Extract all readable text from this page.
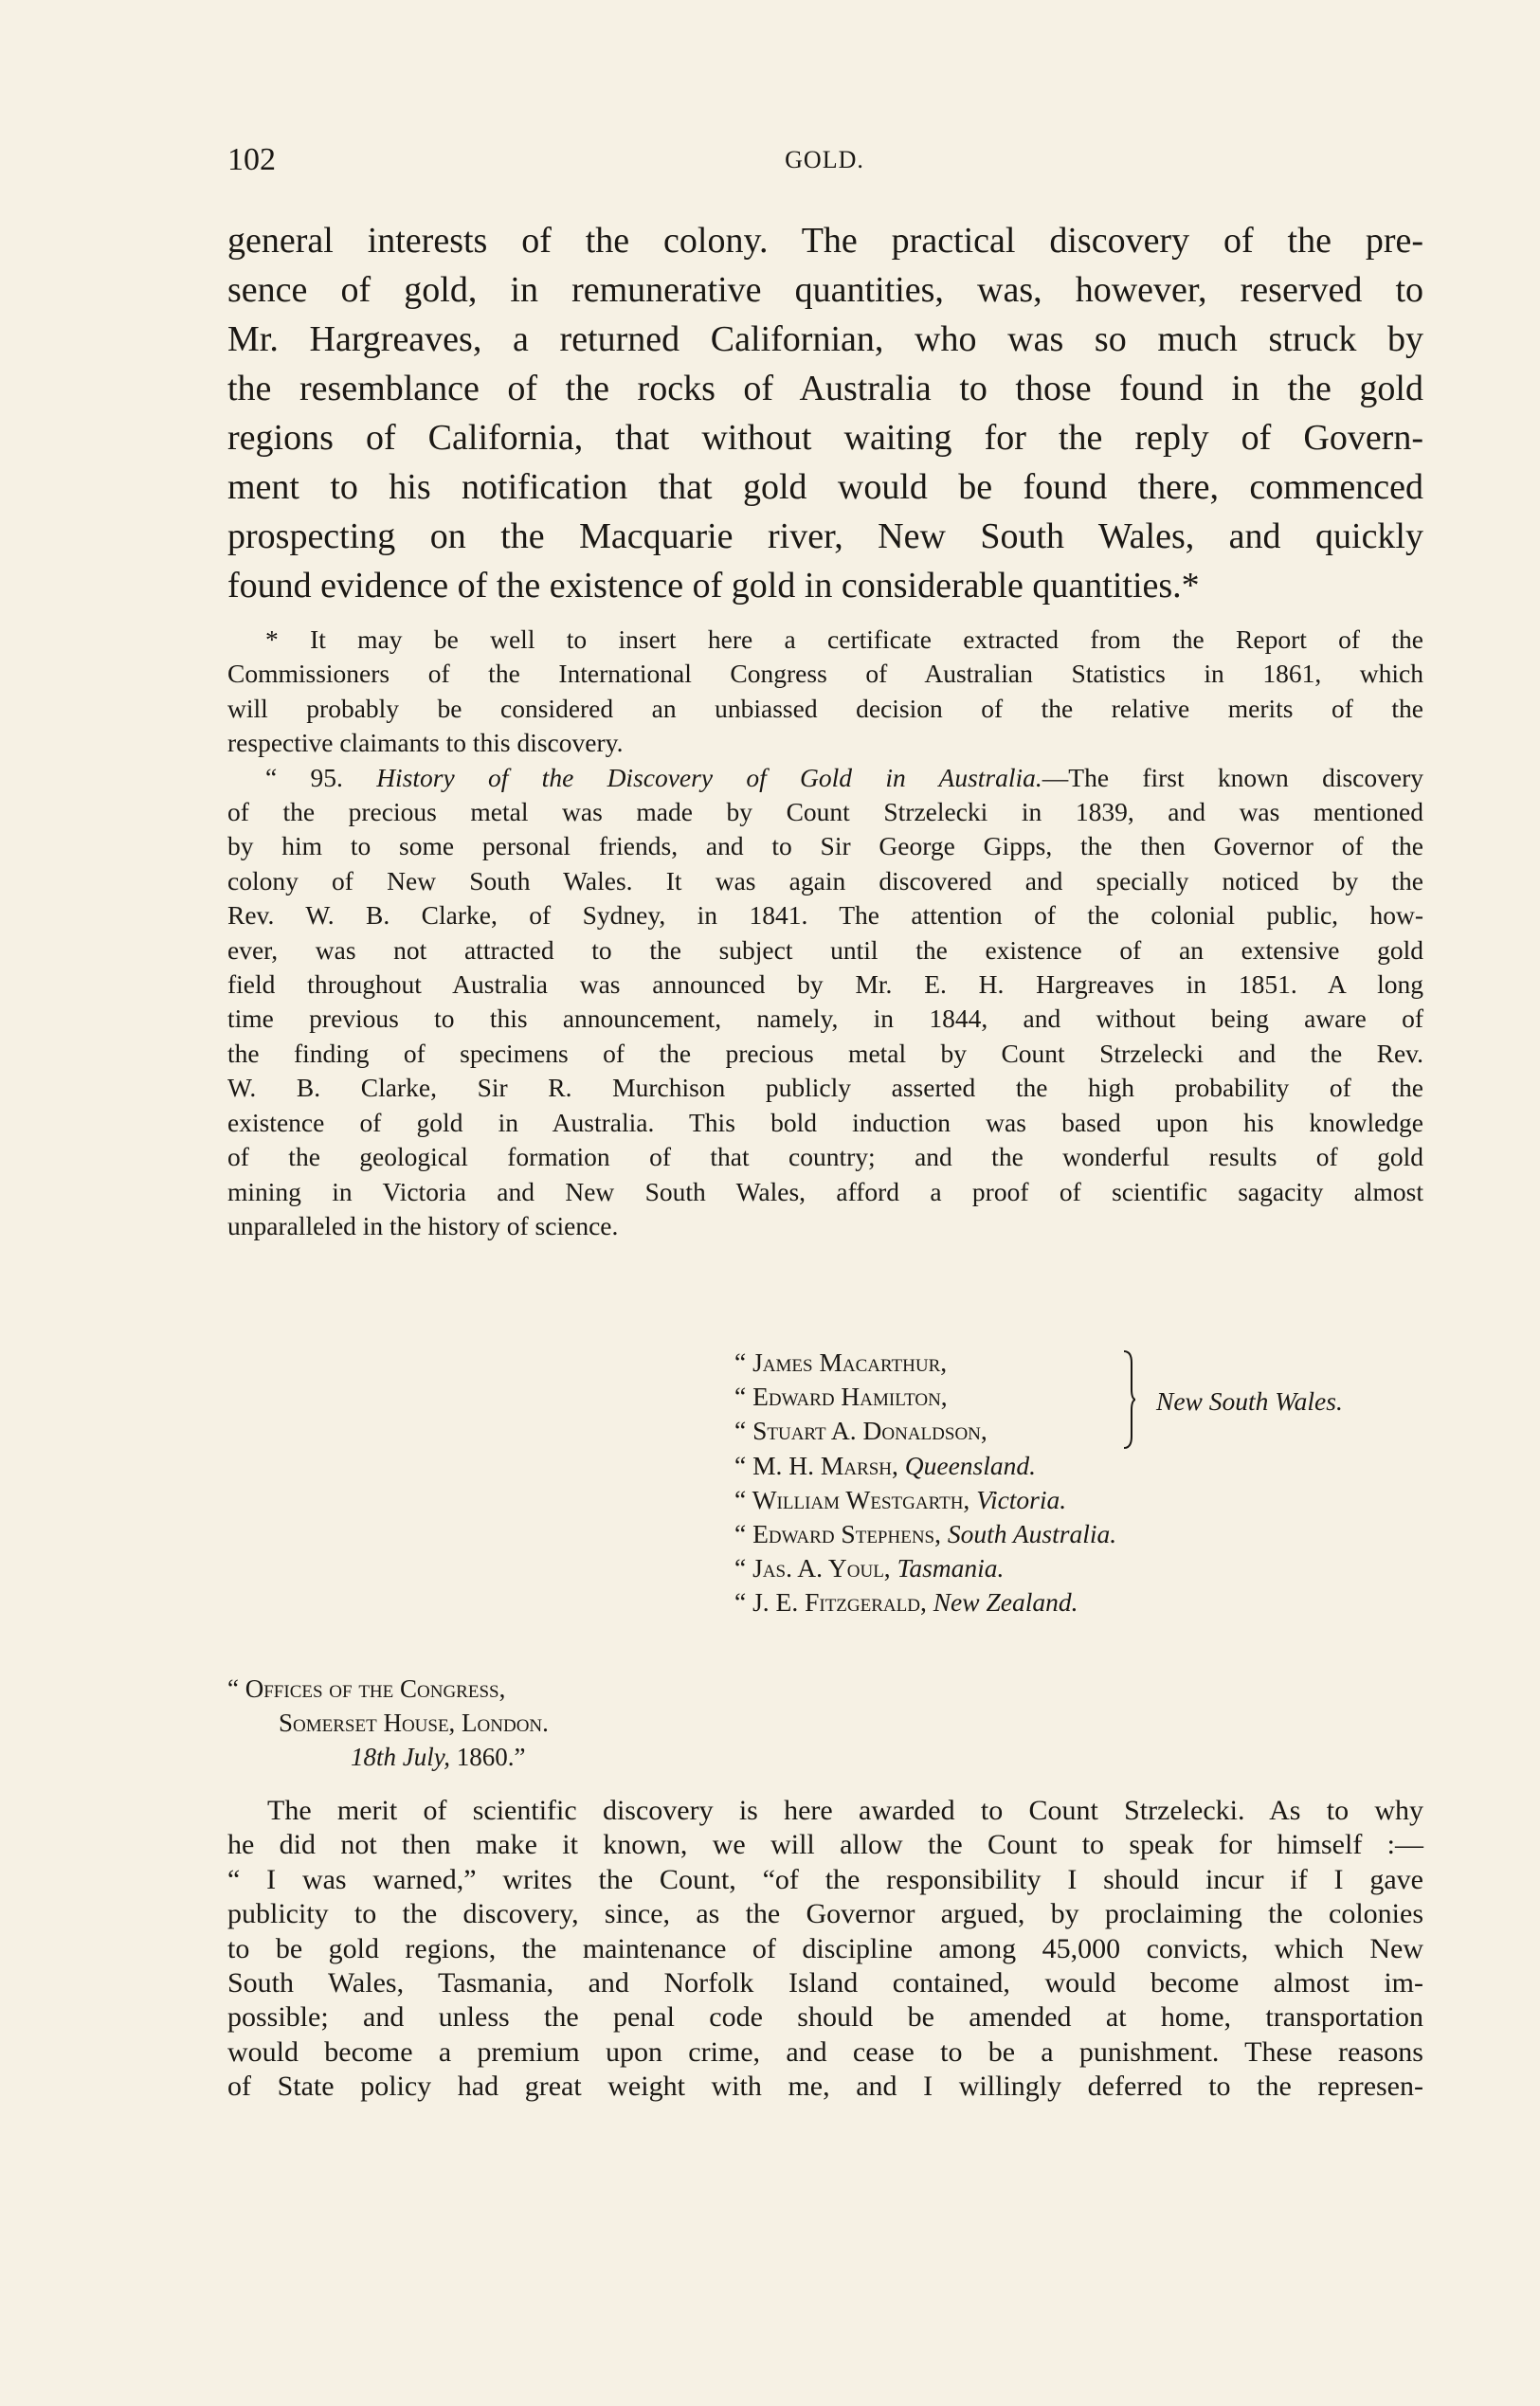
102	GOLD.
general interests of the colony. The practical discovery of the pre-
sence of gold, in remunerative quantities, was, however, reserved to
Mr. Hargreaves, a returned Californian, who was so much struck by
the resemblance of the rocks of Australia to those found in the gold
regions of California, that without waiting for the reply of Govern-
ment to his notification that gold would be found there, commenced
prospecting on the Macquarie river, New South Wales, and quickly
found evidence of the existence of gold in considerable quantities.*
* It may be well to insert here a certificate extracted from the Report of the
Commissioners of the International Congress of Australian Statistics in 1861, which
will probably be considered an unbiassed decision of the relative merits of the
respective claimants to this discovery.
“ 95. History of the Discovery of Gold in Australia.—The first known discovery
of the precious metal was made by Count Strzelecki in 1839, and was mentioned
by him to some personal friends, and to Sir George Gipps, the then Governor of the
colony of New South Wales. It was again discovered and specially noticed by the
Rev. W. B. Clarke, of Sydney, in 1841. The attention of the colonial public, how-
ever, was not attracted to the subject until the existence of an extensive gold
field throughout Australia was announced by Mr. E. H. Hargreaves in 1851. A long
time previous to this announcement, namely, in 1844, and without being aware of
the finding of specimens of the precious metal by Count Strzelecki and the Rev.
W. B. Clarke, Sir R. Murchison publicly asserted the high probability of the
existence of gold in Australia. This bold induction was based upon his knowledge
of the geological formation of that country; and the wonderful results of gold
mining in Victoria and New South Wales, afford a proof of scientific sagacity almost
unparalleled in the history of science.
“ James Macarthur,
“ Edward Hamilton,
“ Stuart A. Donaldson,
“ M. H. Marsh, Queensland.
“ William Westgarth, Victoria.
“ Edward Stephens, South Australia.
“ Jas. A. Youl, Tasmania.
“ J. E. Fitzgerald, New Zealand.
New South Wales.
“ Offices of the Congress,
Somerset House, London.
18th July, 1860.”
The merit of scientific discovery is here awarded to Count Strzelecki. As to why
he did not then make it known, we will allow the Count to speak for himself :—
“ I was warned,” writes the Count, “of the responsibility I should incur if I gave
publicity to the discovery, since, as the Governor argued, by proclaiming the colonies
to be gold regions, the maintenance of discipline among 45,000 convicts, which New
South Wales, Tasmania, and Norfolk Island contained, would become almost im-
possible; and unless the penal code should be amended at home, transportation
would become a premium upon crime, and cease to be a punishment. These reasons
of State policy had great weight with me, and I willingly deferred to the represen-
